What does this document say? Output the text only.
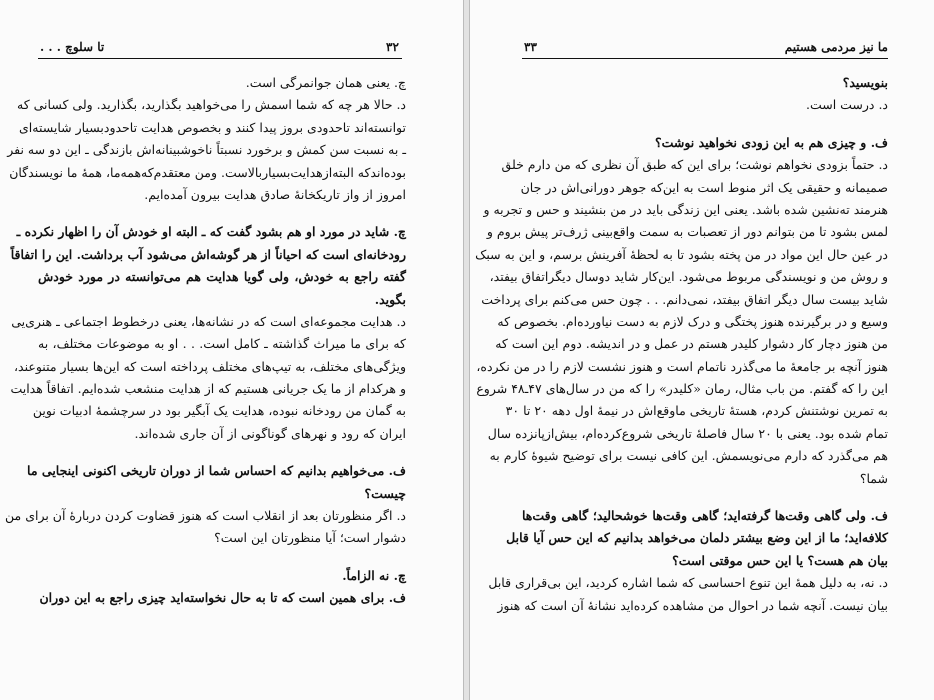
. . . تا سلوچ	۳۲
چ. یعنی همان جوانمرگی است.
د. حالا هر چه که شما اسمش را می‌خواهید بگذارید، بگذارید. ولی کسانی که
توانسته‌اند تاحدودی بروز پیدا کنند و بخصوص هدایت تاحدودبسیار شایسته‌ای
ـ به نسبت سن کمش و برخورد نسبتاً ناخوشبینانه‌اش بازندگی ـ این دو سه نفر
بوده‌اندکه البته‌ازهدایت‌بسیاربالاست. ومن معتقدم‌که‌همه‌ما، همهٔ ما نویسندگان
امروز از واز تاریکخانهٔ صادق هدایت بیرون آمده‌ایم.
چ. شاید در مورد او هم بشود گفت که ـ البته او خودش آن را اظهار نکرده ـ
رودخانه‌ای است که احیاناً از هر گوشه‌اش می‌شود آب برداشت. این را اتفاقاً
گفته راجع به خودش، ولی گویا هدایت هم می‌توانسته در مورد خودش
بگوید.
د. هدایت مجموعه‌ای است که در نشانه‌ها، یعنی درخطوط اجتماعی ـ هنری‌یی
که برای ما میراث گذاشته ـ کامل است. . . او به موضوعات مختلف، به
ویژگی‌های مختلف، به تیپ‌های مختلف پرداخته است که این‌ها بسیار متنوعند،
و هرکدام از ما یک جریانی هستیم که از هدایت منشعب شده‌ایم. اتفاقاً هدایت
به گمان من رودخانه نبوده، هدایت یک آبگیر بود در سرچشمهٔ ادبیات نوین
ایران که رود و نهرهای گوناگونی از آن جاری شده‌اند.
ف. می‌خواهیم بدانیم که احساس شما از دوران تاریخی اکنونی اینجایی ما
چیست؟
د. اگر منظورتان بعد از انقلاب است که هنوز قضاوت کردن دربارهٔ آن برای من
دشوار است؛ آیا منظورتان این است؟
چ. نه الزاماً.
ف. برای همین است که تا به حال نخواسته‌اید چیزی راجع به این دوران
ما نیز مردمی هستیم
۳۳
بنویسید؟
د. درست است.
ف. و چیزی هم به این زودی نخواهید نوشت؟
د. حتماً بزودی نخواهم نوشت؛ برای این که طبق آن نظری که من دارم خلق
صمیمانه و حقیقی یک اثر منوط است به این‌که جوهر دورانی‌اش در جان
هنرمند ته‌نشین شده باشد. یعنی این زندگی باید در من بنشیند و حس و تجربه و
لمس بشود تا من بتوانم دور از تعصبات به سمت واقع‌بینی ژرف‌تر پیش بروم و
در عین حال این مواد در من پخته بشود تا به لحظهٔ آفرینش برسم، و این به سبک
و روش من و نویسندگی مربوط می‌شود. این‌کار شاید دوسال دیگراتفاق بیفتد،
شاید بیست سال دیگر اتفاق بیفتد، نمی‌دانم. . . چون حس می‌کنم برای پرداخت
وسیع و در برگیرنده هنوز پختگی و درک لازم به دست نیاورده‌ام. بخصوص که
من هنوز دچار کار دشوار کلیدر هستم در عمل و در اندیشه. دوم این است که
هنوز آنچه بر جامعهٔ ما می‌گذرد ناتمام است و هنوز نشست لازم را در من نکرده،
این را که گفتم. من باب مثال، رمان «کلیدر» را که من در سال‌های ۴۷ـ۴۸ شروع
به تمرین نوشتنش کردم، هستهٔ تاریخی ماوقع‌اش در نیمهٔ اول دهه ۲۰ تا ۳۰
تمام شده بود. یعنی با ۲۰ سال فاصلهٔ تاریخی شروع‌کرده‌ام، بیش‌ازپانزده سال
هم می‌گذرد که دارم می‌نویسمش. این کافی نیست برای توضیح شیوهٔ کارم به
شما؟
ف. ولی گاهی وقت‌ها گرفته‌اید؛ گاهی وقت‌ها خوشحالید؛ گاهی وقت‌ها
کلافه‌اید؛ ما از این وضع بیشتر دلمان می‌خواهد بدانیم که این حس آیا قابل
بیان هم هست؟ یا این حس موقتی است؟
د. نه، به دلیل همهٔ این تنوع احساسی که شما اشاره کردید، این بی‌قراری قابل
بیان نیست. آنچه شما در احوال من مشاهده کرده‌اید نشانهٔ آن است که هنوز
